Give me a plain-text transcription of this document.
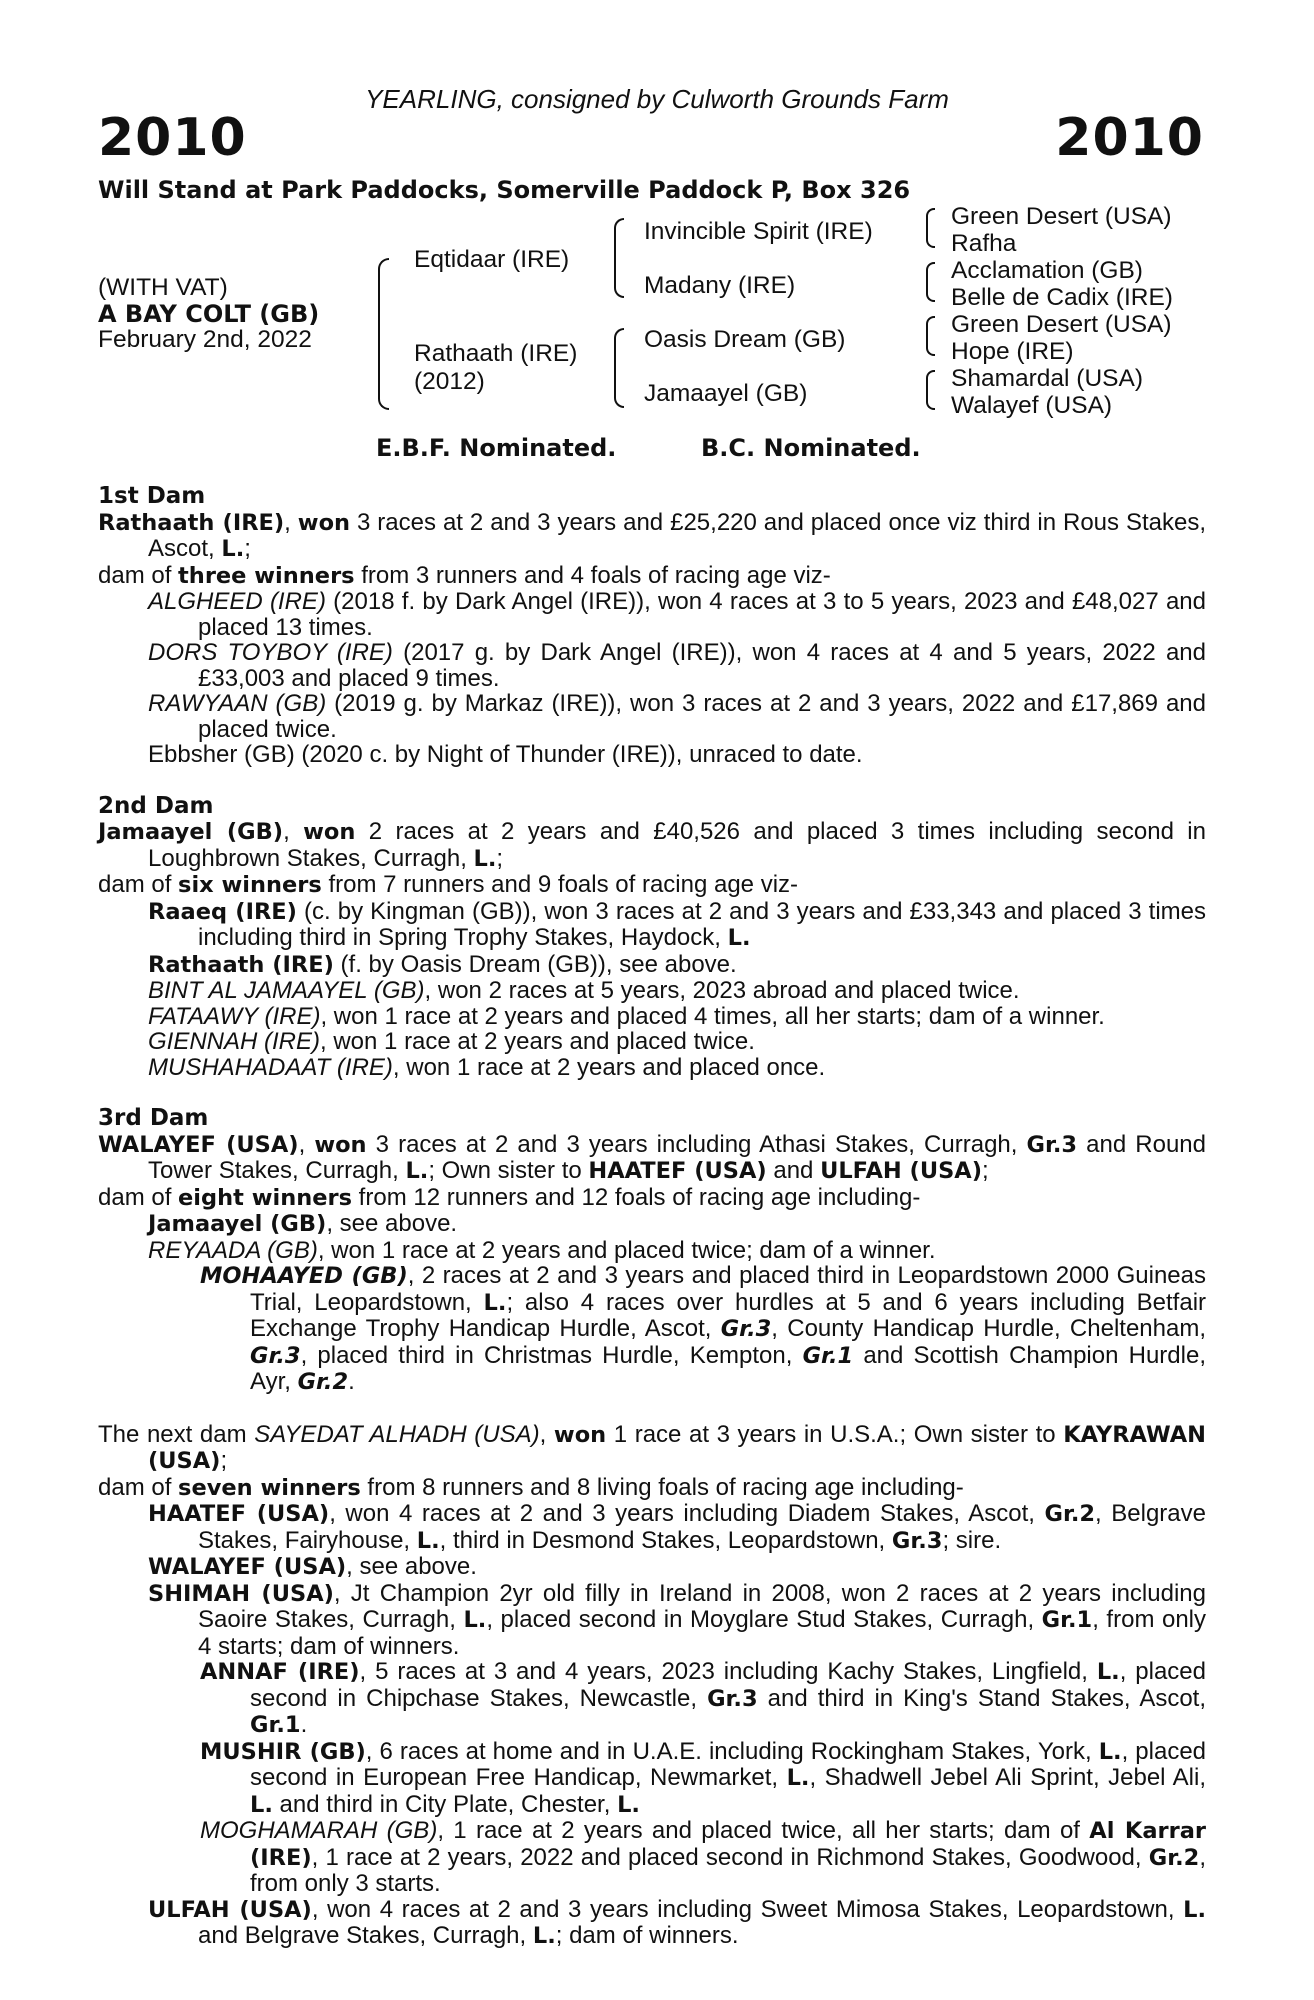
YEARLING, consigned by Culworth Grounds Farm
2010	2010
Will Stand at Park Paddocks, Somerville Paddock P, Box 326
(WITH VAT)
A BAY COLT (GB)
February 2nd, 2022
Eqtidaar (IRE)
Rathaath (IRE)
(2012)
Invincible Spirit (IRE)
Madany (IRE)
Oasis Dream (GB)
Jamaayel (GB)
Green Desert (USA)
Rafha
Acclamation (GB)
Belle de Cadix (IRE)
Green Desert (USA)
Hope (IRE)
Shamardal (USA)
Walayef (USA)
E.B.F. Nominated.	B.C. Nominated.
1st Dam
Rathaath (IRE), won 3 races at 2 and 3 years and £25,220 and placed once viz third in Rous Stakes, Ascot, L.;
dam of three winners from 3 runners and 4 foals of racing age viz-
ALGHEED (IRE) (2018 f. by Dark Angel (IRE)), won 4 races at 3 to 5 years, 2023 and £48,027 and placed 13 times.
DORS TOYBOY (IRE) (2017 g. by Dark Angel (IRE)), won 4 races at 4 and 5 years, 2022 and £33,003 and placed 9 times.
RAWYAAN (GB) (2019 g. by Markaz (IRE)), won 3 races at 2 and 3 years, 2022 and £17,869 and placed twice.
Ebbsher (GB) (2020 c. by Night of Thunder (IRE)), unraced to date.
2nd Dam
Jamaayel (GB), won 2 races at 2 years and £40,526 and placed 3 times including second in Loughbrown Stakes, Curragh, L.;
dam of six winners from 7 runners and 9 foals of racing age viz-
Raaeq (IRE) (c. by Kingman (GB)), won 3 races at 2 and 3 years and £33,343 and placed 3 times including third in Spring Trophy Stakes, Haydock, L.
Rathaath (IRE) (f. by Oasis Dream (GB)), see above.
BINT AL JAMAAYEL (GB), won 2 races at 5 years, 2023 abroad and placed twice.
FATAAWY (IRE), won 1 race at 2 years and placed 4 times, all her starts; dam of a winner.
GIENNAH (IRE), won 1 race at 2 years and placed twice.
MUSHAHADAAT (IRE), won 1 race at 2 years and placed once.
3rd Dam
WALAYEF (USA), won 3 races at 2 and 3 years including Athasi Stakes, Curragh, Gr.3 and Round Tower Stakes, Curragh, L.; Own sister to HAATEF (USA) and ULFAH (USA);
dam of eight winners from 12 runners and 12 foals of racing age including-
Jamaayel (GB), see above.
REYAADA (GB), won 1 race at 2 years and placed twice; dam of a winner.
MOHAAYED (GB), 2 races at 2 and 3 years and placed third in Leopardstown 2000 Guineas Trial, Leopardstown, L.; also 4 races over hurdles at 5 and 6 years including Betfair Exchange Trophy Handicap Hurdle, Ascot, Gr.3, County Handicap Hurdle, Cheltenham, Gr.3, placed third in Christmas Hurdle, Kempton, Gr.1 and Scottish Champion Hurdle, Ayr, Gr.2.
The next dam SAYEDAT ALHADH (USA), won 1 race at 3 years in U.S.A.; Own sister to KAYRAWAN (USA);
dam of seven winners from 8 runners and 8 living foals of racing age including-
HAATEF (USA), won 4 races at 2 and 3 years including Diadem Stakes, Ascot, Gr.2, Belgrave Stakes, Fairyhouse, L., third in Desmond Stakes, Leopardstown, Gr.3; sire.
WALAYEF (USA), see above.
SHIMAH (USA), Jt Champion 2yr old filly in Ireland in 2008, won 2 races at 2 years including Saoire Stakes, Curragh, L., placed second in Moyglare Stud Stakes, Curragh, Gr.1, from only 4 starts; dam of winners.
ANNAF (IRE), 5 races at 3 and 4 years, 2023 including Kachy Stakes, Lingfield, L., placed second in Chipchase Stakes, Newcastle, Gr.3 and third in King's Stand Stakes, Ascot, Gr.1.
MUSHIR (GB), 6 races at home and in U.A.E. including Rockingham Stakes, York, L., placed second in European Free Handicap, Newmarket, L., Shadwell Jebel Ali Sprint, Jebel Ali, L. and third in City Plate, Chester, L.
MOGHAMARAH (GB), 1 race at 2 years and placed twice, all her starts; dam of Al Karrar (IRE), 1 race at 2 years, 2022 and placed second in Richmond Stakes, Goodwood, Gr.2, from only 3 starts.
ULFAH (USA), won 4 races at 2 and 3 years including Sweet Mimosa Stakes, Leopardstown, L. and Belgrave Stakes, Curragh, L.; dam of winners.
